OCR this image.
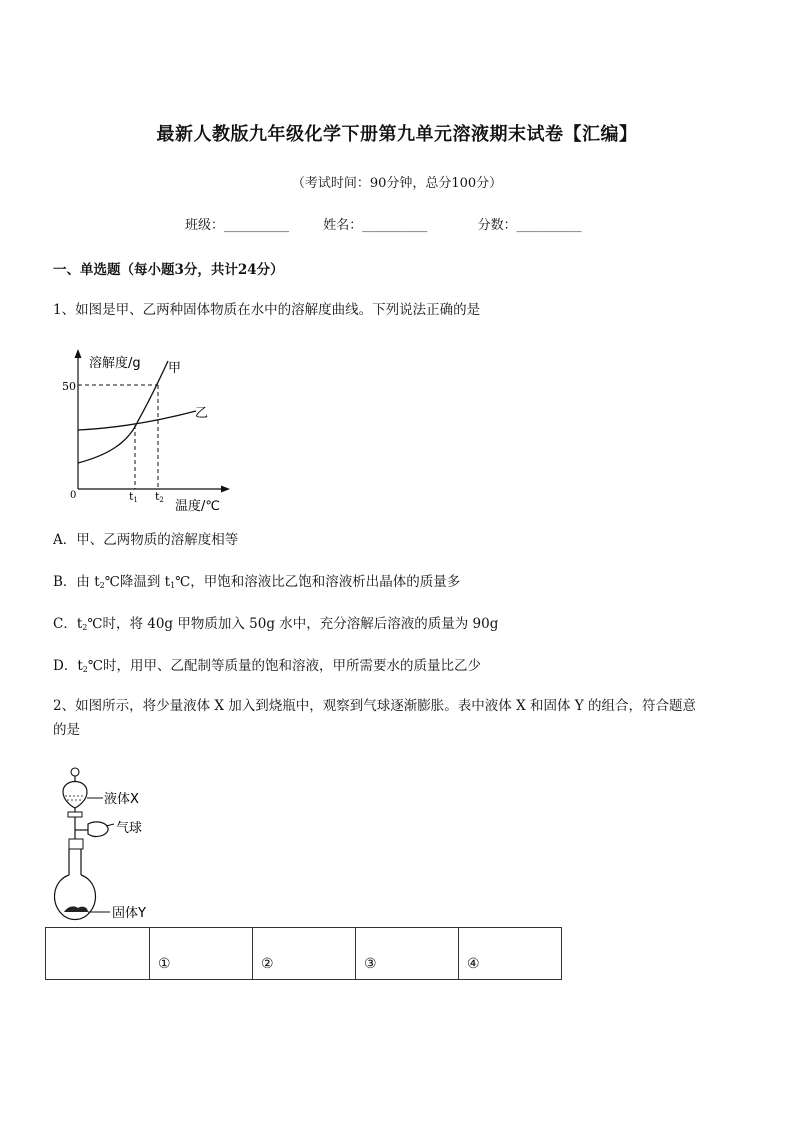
最新人教版九年级化学下册第九单元溶液期末试卷【汇编】
（考试时间：90分钟，总分100分）
班级：__________	姓名：__________	分数：__________
一、单选题（每小题3分，共计24分）
1、如图是甲、乙两种固体物质在水中的溶解度曲线。下列说法正确的是
溶解度/g
50
0	t1 t2 温度/℃
甲
乙
A．甲、乙两物质的溶解度相等
B．由 $t_2℃$降温到 $t_1℃$，甲饱和溶液比乙饱和溶液析出晶体的质量多
C．$t_2℃$时，将 40g 甲物质加入 50g 水中，充分溶解后溶液的质量为 90g
D．$t_2℃$时，用甲、乙配制等质量的饱和溶液，甲所需要水的质量比乙少
2、如图所示，将少量液体 X 加入到烧瓶中，观察到气球逐渐膨胀。表中液体 X 和固体 Y 的组合，符合题意
的是
液体X
气球
固体Y
	①	②	③	④
